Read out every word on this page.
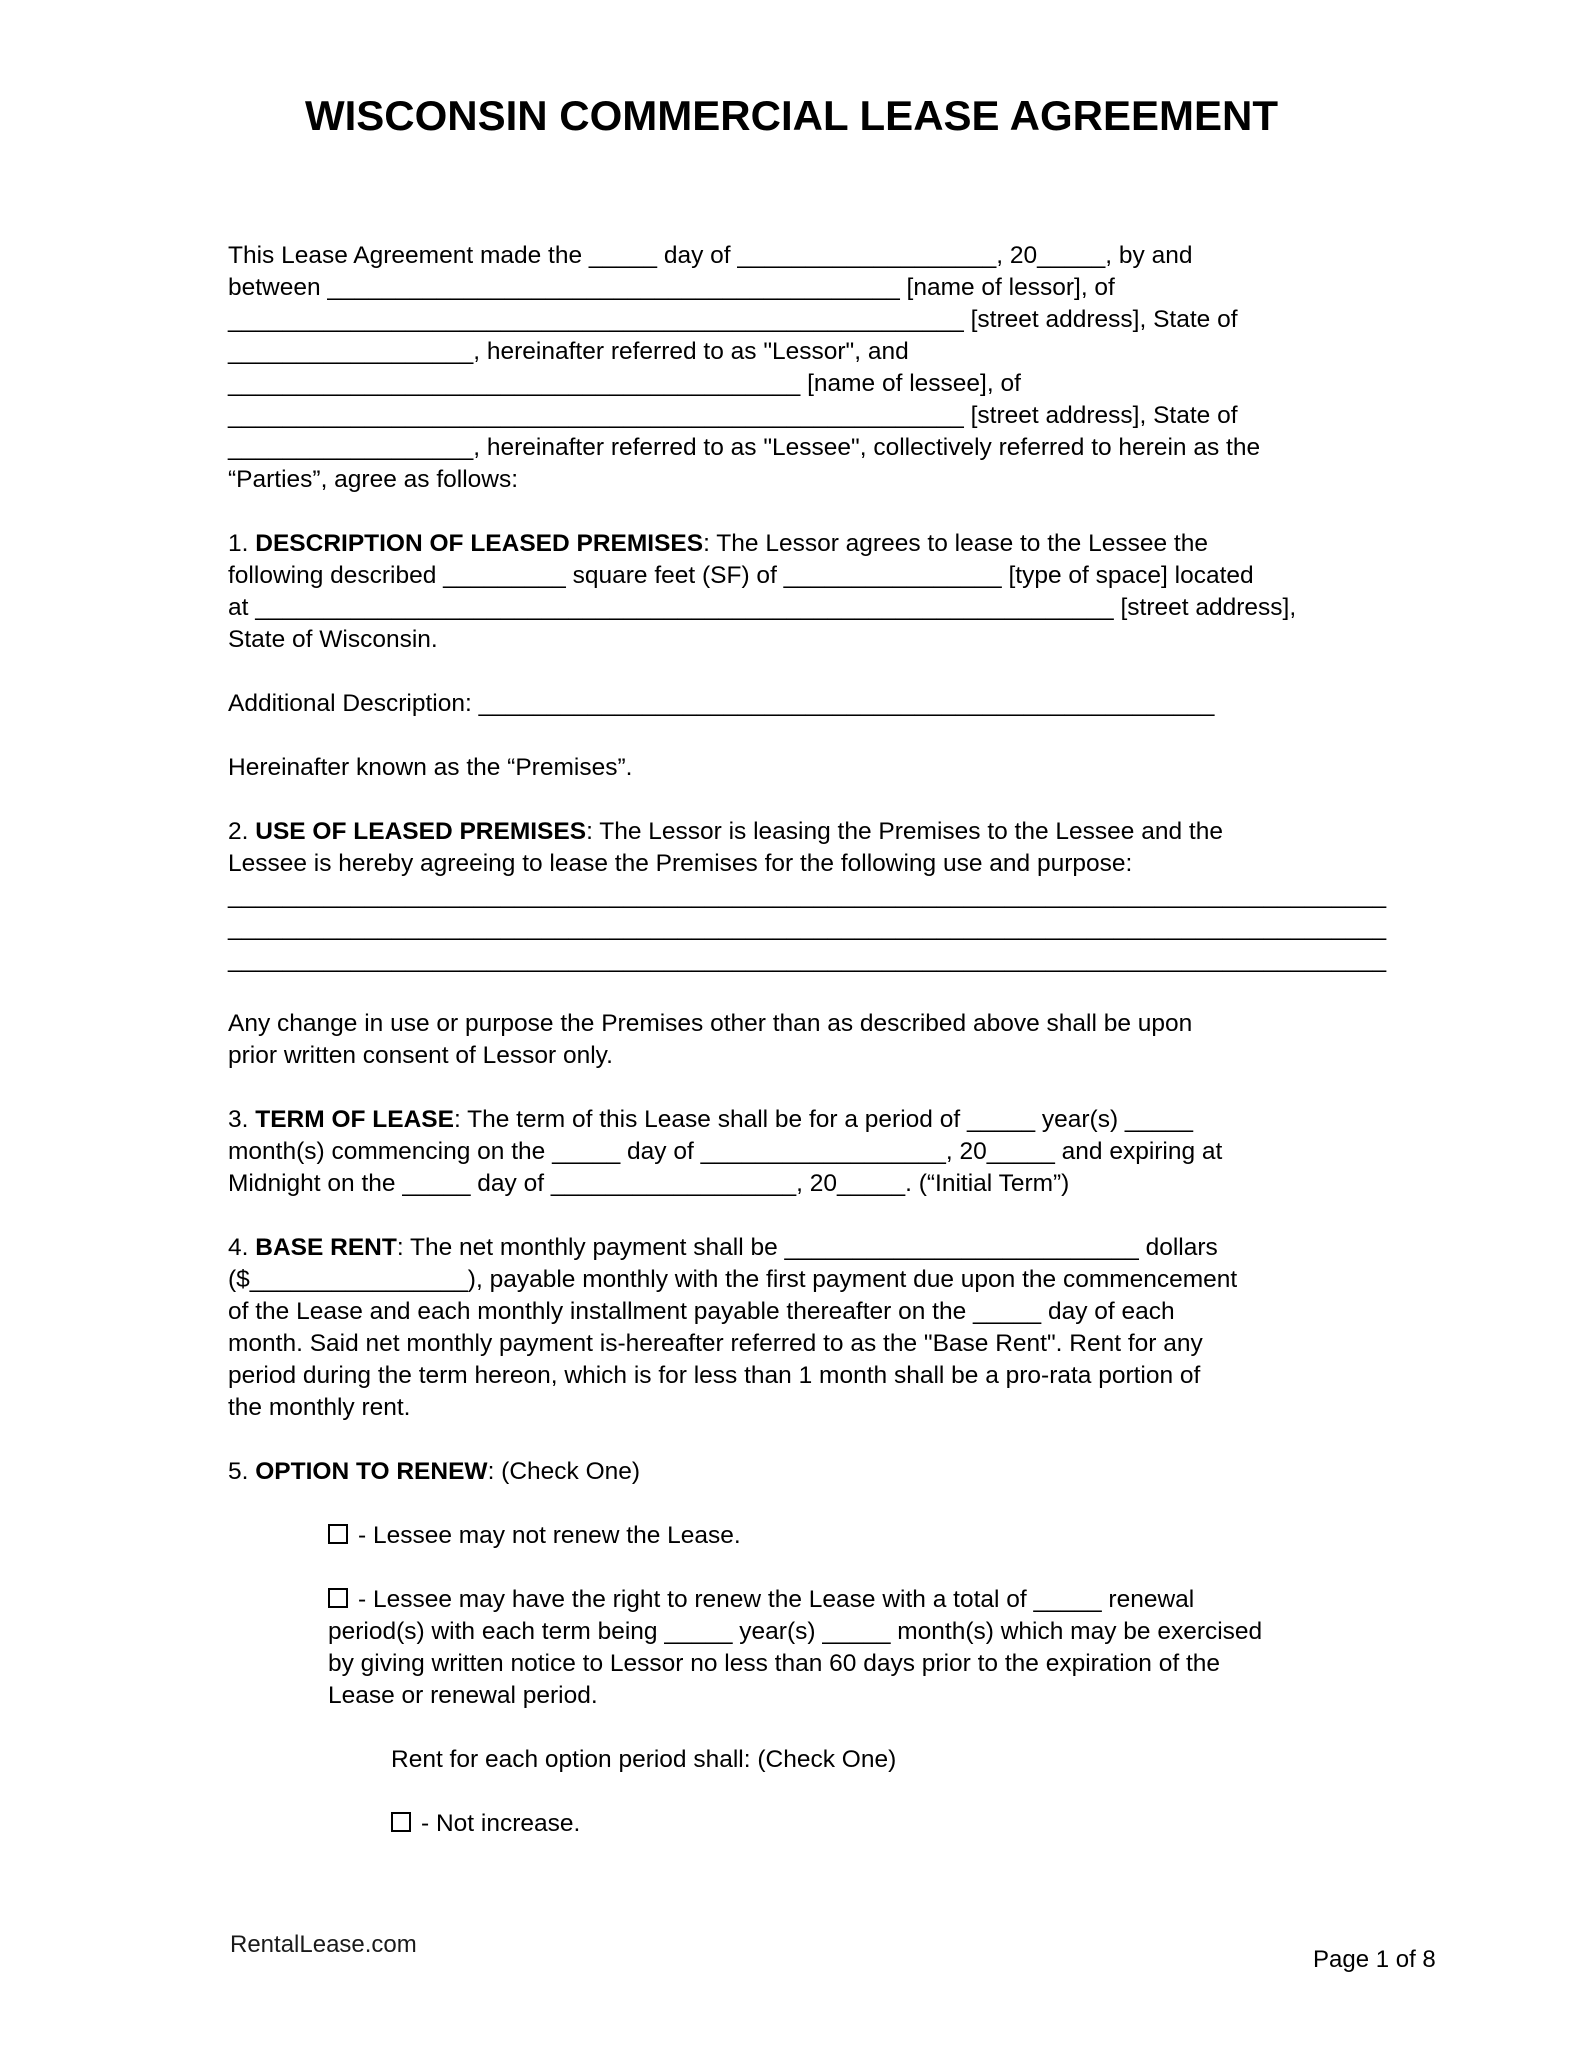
WISCONSIN COMMERCIAL LEASE AGREEMENT
This Lease Agreement made the _____ day of ___________________, 20_____, by and
between __________________________________________ [name of lessor], of
______________________________________________________ [street address], State of
__________________, hereinafter referred to as "Lessor", and
__________________________________________ [name of lessee], of
______________________________________________________ [street address], State of
__________________, hereinafter referred to as "Lessee", collectively referred to herein as the
“Parties”, agree as follows:
1. DESCRIPTION OF LEASED PREMISES: The Lessor agrees to lease to the Lessee the
following described _________ square feet (SF) of ________________ [type of space] located
at _______________________________________________________________ [street address],
State of Wisconsin.
Additional Description: ______________________________________________________
Hereinafter known as the “Premises”.
2. USE OF LEASED PREMISES: The Lessor is leasing the Premises to the Lessee and the
Lessee is hereby agreeing to lease the Premises for the following use and purpose:
_____________________________________________________________________________________
_____________________________________________________________________________________
_____________________________________________________________________________________
Any change in use or purpose the Premises other than as described above shall be upon
prior written consent of Lessor only.
3. TERM OF LEASE: The term of this Lease shall be for a period of _____ year(s) _____
month(s) commencing on the _____ day of __________________, 20_____ and expiring at
Midnight on the _____ day of __________________, 20_____. (“Initial Term”)
4. BASE RENT: The net monthly payment shall be __________________________ dollars
($________________), payable monthly with the first payment due upon the commencement
of the Lease and each monthly installment payable thereafter on the _____ day of each
month. Said net monthly payment is-hereafter referred to as the "Base Rent". Rent for any
period during the term hereon, which is for less than 1 month shall be a pro-rata portion of
the monthly rent.
5. OPTION TO RENEW: (Check One)
- Lessee may not renew the Lease.
- Lessee may have the right to renew the Lease with a total of _____ renewal
period(s) with each term being _____ year(s) _____ month(s) which may be exercised
by giving written notice to Lessor no less than 60 days prior to the expiration of the
Lease or renewal period.
Rent for each option period shall: (Check One)
- Not increase.
RentalLease.com
Page 1 of 8
